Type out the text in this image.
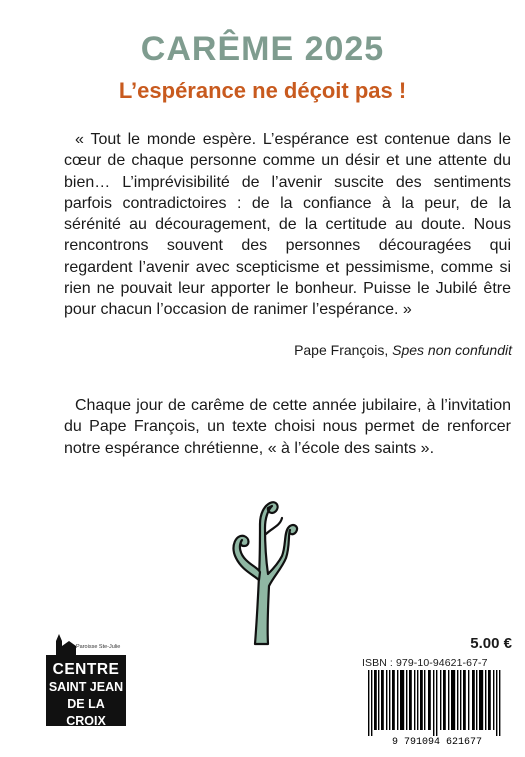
CARÊME 2025
L’espérance ne déçoit pas !

« Tout le monde espère. L’espérance est contenue dans le cœur de chaque personne comme un désir et une attente du bien… L’imprévisibilité de l’avenir suscite des sentiments parfois contradictoires : de la confiance à la peur, de la sérénité au découragement, de la certitude au doute. Nous rencontrons souvent des personnes découragées qui regardent l’avenir avec scepticisme et pessimisme, comme si rien ne pouvait leur apporter le bonheur. Puisse le Jubilé être pour chacun l’occasion de ranimer l’espérance. »

Pape François, Spes non confundit

Chaque jour de carême de cette année jubilaire, à l’invitation du Pape François, un texte choisi nous permet de renforcer notre espérance chrétienne, « à l’école des saints ».

5.00 €
ISBN : 979-10-94621-67-7
9 791094 621677
Paroisse Ste-Julie
CENTRE
SAINT JEAN
DE LA CROIX
